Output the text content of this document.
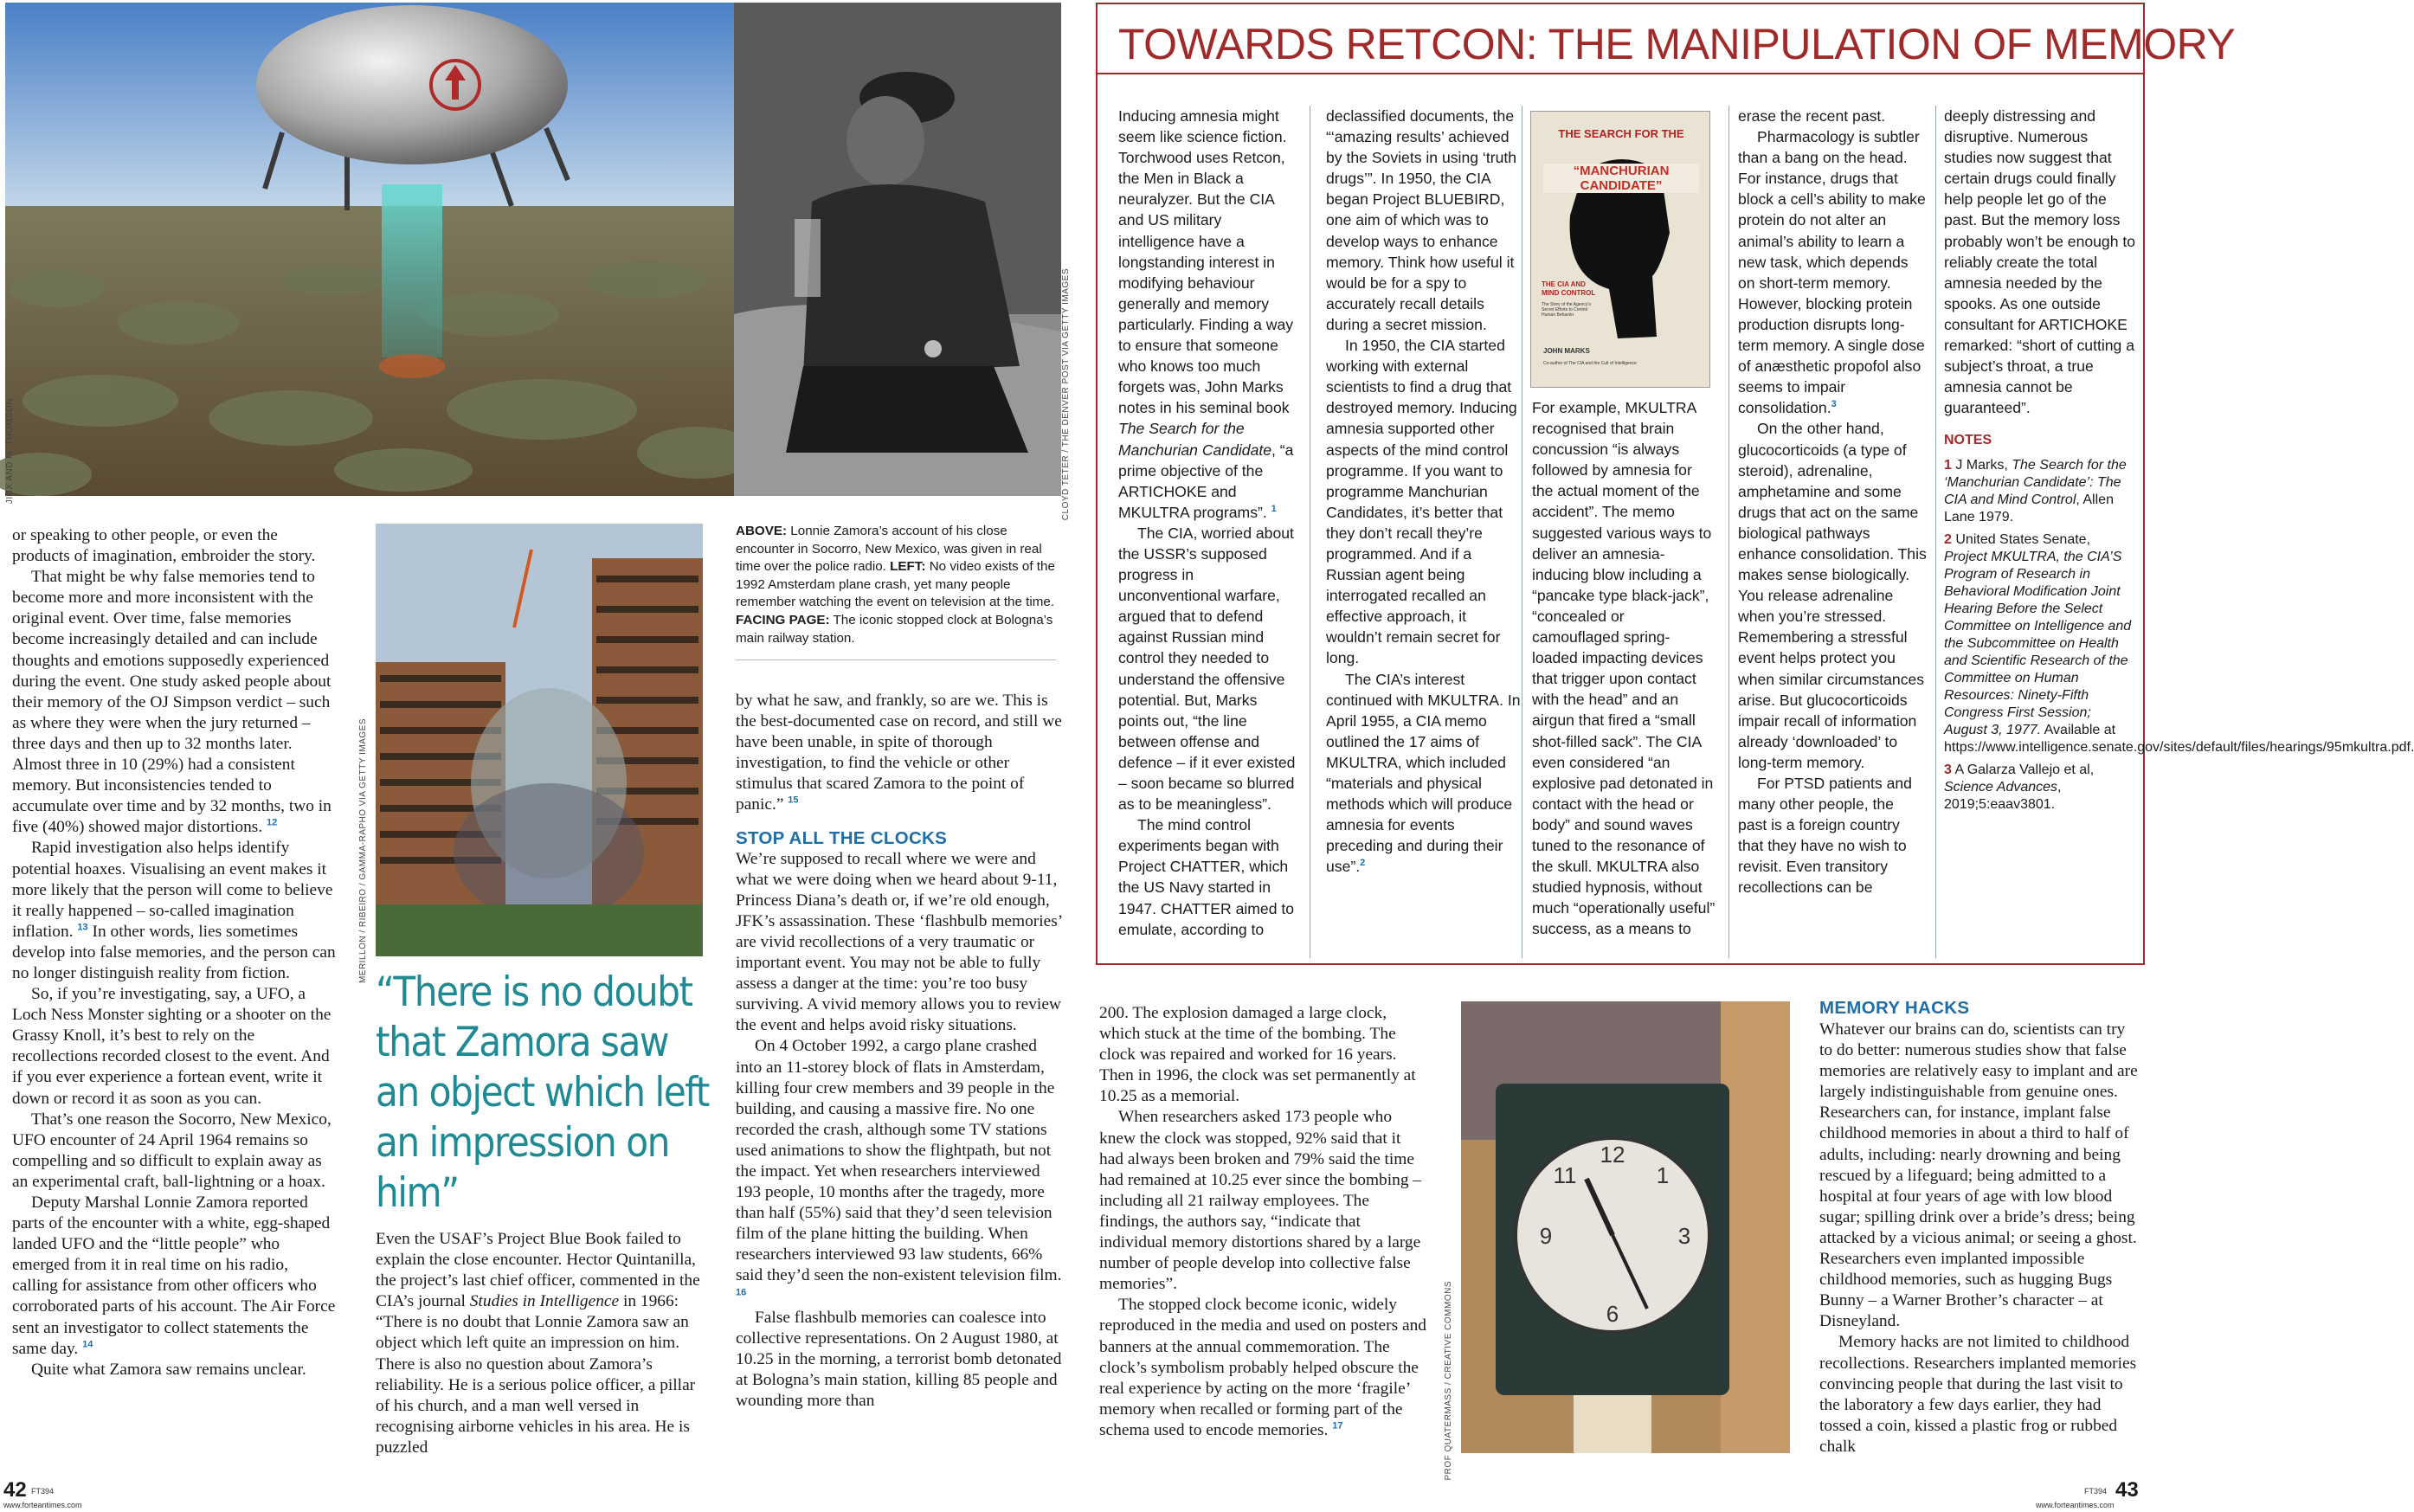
JINX AND M. THOMSON	CLOYD TETER / THE DENVER POST VIA GETTY IMAGES
MERILLON / RIBEIRO / GAMMA-RAPHO VIA GETTY IMAGES
12
1
3
6
9
11
PROF QUATERMASS / CREATIVE COMMONS
TOWARDS RETCON: THE MANIPULATION OF MEMORY

Inducing amnesia might seem like science fiction. Torchwood uses Retcon, the Men in Black a neuralyzer. But the CIA and US military intelligence have a longstanding interest in modifying behaviour generally and memory particularly. Finding a way to ensure that someone who knows too much forgets was, John Marks notes in his seminal book The Search for the Manchurian Candidate, “a prime objective of the ARTICHOKE and MKULTRA programs”. $^1$

The CIA, worried about the USSR’s supposed progress in unconventional warfare, argued that to defend against Russian mind control they needed to understand the offensive potential. But, Marks points out, “the line between offense and defence – if it ever existed – soon became so blurred as to be meaningless”.

The mind control experiments began with Project CHATTER, which the US Navy started in 1947. CHATTER aimed to emulate, according to

declassified documents, the “‘amazing results’ achieved by the Soviets in using ‘truth drugs’”. In 1950, the CIA began Project BLUEBIRD, one aim of which was to develop ways to enhance memory. Think how useful it would be for a spy to accurately recall details during a secret mission.

In 1950, the CIA started working with external scientists to find a drug that destroyed memory. Inducing amnesia supported other aspects of the mind control programme. If you want to programme Manchurian Candidates, it’s better that they don’t recall they’re programmed. And if a Russian agent being interrogated recalled an effective approach, it wouldn’t remain secret for long.

The CIA’s interest continued with MKULTRA. In April 1955, a CIA memo outlined the 17 aims of MKULTRA, which included “materials and physical methods which will produce amnesia for events preceding and during their use”.$^2$

THE SEARCH FOR THE
“MANCHURIAN CANDIDATE”
THE CIA AND MIND CONTROL
The Story of the Agency's Secret Efforts to Control Human Behavior
JOHN MARKS
Co-author of The CIA and the Cult of Intelligence

For example, MKULTRA recognised that brain concussion “is always followed by amnesia for the actual moment of the accident”. The memo suggested various ways to deliver an amnesia-inducing blow including a “pancake type black-jack”, “concealed or camouflaged spring-loaded impacting devices that trigger upon contact with the head” and an airgun that fired a “small shot-filled sack”. The CIA even considered “an explosive pad detonated in contact with the head or body” and sound waves tuned to the resonance of the skull. MKULTRA also studied hypnosis, without much “operationally useful” success, as a means to

erase the recent past.

Pharmacology is subtler than a bang on the head. For instance, drugs that block a cell’s ability to make protein do not alter an animal’s ability to learn a new task, which depends on short-term memory. However, blocking protein production disrupts long-term memory. A single dose of anæsthetic propofol also seems to impair consolidation.$^3$

On the other hand, glucocorticoids (a type of steroid), adrenaline, amphetamine and some drugs that act on the same biological pathways enhance consolidation. This makes sense biologically. You release adrenaline when you’re stressed. Remembering a stressful event helps protect you when similar circumstances arise. But glucocorticoids impair recall of information already ‘downloaded’ to long-term memory.

For PTSD patients and many other people, the past is a foreign country that they have no wish to revisit. Even transitory recollections can be

deeply distressing and disruptive. Numerous studies now suggest that certain drugs could finally help people let go of the past. But the memory loss probably won’t be enough to reliably create the total amnesia needed by the spooks. As one outside consultant for ARTICHOKE remarked: “short of cutting a subject’s throat, a true amnesia cannot be guaranteed”.

NOTES
1 J Marks, The Search for the ‘Manchurian Candidate’: The CIA and Mind Control, Allen Lane 1979.
2 United States Senate, Project MKULTRA, the CIA’S Program of Research in Behavioral Modification Joint Hearing Before the Select Committee on Intelligence and the Subcommittee on Health and Scientific Research of the Committee on Human Resources: Ninety-Fifth Congress First Session; August 3, 1977. Available at https://www.intelligence.senate.gov/sites/default/files/hearings/95mkultra.pdf.
3 A Galarza Vallejo et al, Science Advances, 2019;5:eaav3801.

or speaking to other people, or even the products of imagination, embroider the story.

That might be why false memories tend to become more and more inconsistent with the original event. Over time, false memories become increasingly detailed and can include thoughts and emotions supposedly experienced during the event. One study asked people about their memory of the OJ Simpson verdict – such as where they were when the jury returned – three days and then up to 32 months later. Almost three in 10 (29%) had a consistent memory. But inconsistencies tended to accumulate over time and by 32 months, two in five (40%) showed major distortions. $^{12}$

Rapid investigation also helps identify potential hoaxes. Visualising an event makes it more likely that the person will come to believe it really happened – so-called imagination inflation. $^{13}$ In other words, lies sometimes develop into false memories, and the person can no longer distinguish reality from fiction.

So, if you’re investigating, say, a UFO, a Loch Ness Monster sighting or a shooter on the Grassy Knoll, it’s best to rely on the recollections recorded closest to the event. And if you ever experience a fortean event, write it down or record it as soon as you can.

That’s one reason the Socorro, New Mexico, UFO encounter of 24 April 1964 remains so compelling and so difficult to explain away as an experimental craft, ball-lightning or a hoax.

Deputy Marshal Lonnie Zamora reported parts of the encounter with a white, egg-shaped landed UFO and the “little people” who emerged from it in real time on his radio, calling for assistance from other officers who corroborated parts of his account. The Air Force sent an investigator to collect statements the same day. $^{14}$

Quite what Zamora saw remains unclear.

“There is no doubt that Zamora saw an object which left an impression on him”

Even the USAF’s Project Blue Book failed to explain the close encounter. Hector Quintanilla, the project’s last chief officer, commented in the CIA’s journal Studies in Intelligence in 1966: “There is no doubt that Lonnie Zamora saw an object which left quite an impression on him. There is also no question about Zamora’s reliability. He is a serious police officer, a pillar of his church, and a man well versed in recognising airborne vehicles in his area. He is puzzled

ABOVE: Lonnie Zamora’s account of his close encounter in Socorro, New Mexico, was given in real time over the police radio. LEFT: No video exists of the 1992 Amsterdam plane crash, yet many people remember watching the event on television at the time. FACING PAGE: The iconic stopped clock at Bologna’s main railway station.

by what he saw, and frankly, so are we. This is the best-documented case on record, and still we have been unable, in spite of thorough investigation, to find the vehicle or other stimulus that scared Zamora to the point of panic.” $^{15}$

STOP ALL THE CLOCKS

We’re supposed to recall where we were and what we were doing when we heard about 9-11, Princess Diana’s death or, if we’re old enough, JFK’s assassination. These ‘flashbulb memories’ are vivid recollections of a very traumatic or important event. You may not be able to fully assess a danger at the time: you’re too busy surviving. A vivid memory allows you to review the event and helps avoid risky situations.

On 4 October 1992, a cargo plane crashed into an 11-storey block of flats in Amsterdam, killing four crew members and 39 people in the building, and causing a massive fire. No one recorded the crash, although some TV stations used animations to show the flightpath, but not the impact. Yet when researchers interviewed 193 people, 10 months after the tragedy, more than half (55%) said that they’d seen television film of the plane hitting the building. When researchers interviewed 93 law students, 66% said they’d seen the non-existent television film. $^{16}$

False flashbulb memories can coalesce into collective representations. On 2 August 1980, at 10.25 in the morning, a terrorist bomb detonated at Bologna’s main station, killing 85 people and wounding more than

200. The explosion damaged a large clock, which stuck at the time of the bombing. The clock was repaired and worked for 16 years. Then in 1996, the clock was set permanently at 10.25 as a memorial.

When researchers asked 173 people who knew the clock was stopped, 92% said that it had always been broken and 79% said the time had remained at 10.25 ever since the bombing – including all 21 railway employees. The findings, the authors say, “indicate that individual memory distortions shared by a large number of people develop into collective false memories”.

The stopped clock become iconic, widely reproduced in the media and used on posters and banners at the annual commemoration. The clock’s symbolism probably helped obscure the real experience by acting on the more ‘fragile’ memory when recalled or forming part of the schema used to encode memories. $^{17}$

MEMORY HACKS

Whatever our brains can do, scientists can try to do better: numerous studies show that false memories are relatively easy to implant and are largely indistinguishable from genuine ones. Researchers can, for instance, implant false childhood memories in about a third to half of adults, including: nearly drowning and being rescued by a lifeguard; being admitted to a hospital at four years of age with low blood sugar; spilling drink over a bride’s dress; being attacked by a vicious animal; or seeing a ghost. Researchers even implanted impossible childhood memories, such as hugging Bugs Bunny – a Warner Brother’s character – at Disneyland.

Memory hacks are not limited to childhood recollections. Researchers implanted memories convincing people that during the last visit to the laboratory a few days earlier, they had tossed a coin, kissed a plastic frog or rubbed chalk

42 FT394
www.forteantimes.com
FT394 43
www.forteantimes.com
